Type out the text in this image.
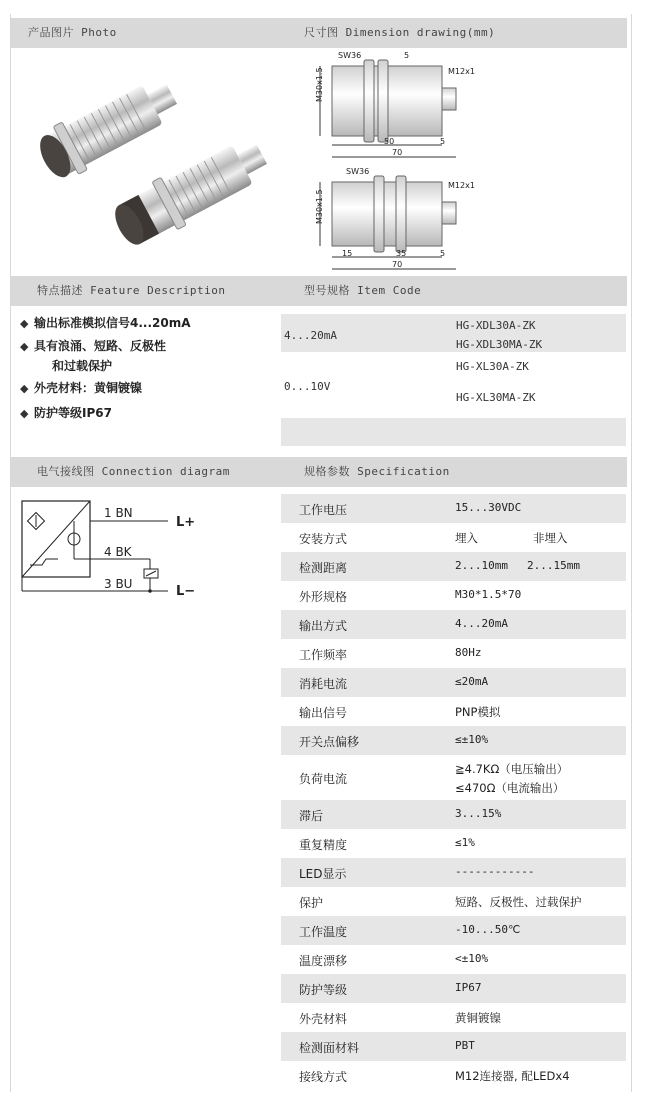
产品图片 Photo	尺寸图 Dimension drawing(mm)
M30x1.5
SW36	5
M12x1
50	5
70
M30x1.5
SW36
M12x1
15	35	5
70
特点描述 Feature Description	型号规格 Item Code
◆ 输出标准模拟信号4...20mA
◆ 具有浪涌、短路、反极性
和过载保护
◆ 外壳材料：黄铜镀镍
◆ 防护等级IP67
4...20mA
HG-XDL30A-ZK
HG-XDL30MA-ZK
0...10V
HG-XL30A-ZK
HG-XL30MA-ZK
电气接线图 Connection diagram	规格参数 Specification
1 BN
4 BK
3 BU
L+
L−
工作电压	15...30VDC
安装方式	埋入	非埋入
检测距离	2...10mm 2...15mm
外形规格	M30*1.5*70
输出方式	4...20mA
工作频率	80Hz
消耗电流	≤20mA
输出信号	PNP模拟
开关点偏移	≤±10%
负荷电流
≧4.7KΩ（电压输出）
≤470Ω（电流输出）
滞后	3...15%
重复精度	≤1%
LED显示	------------
保护	短路、反极性、过载保护
工作温度	-10...50℃
温度漂移	<±10%
防护等级	IP67
外壳材料	黄铜镀镍
检测面材料	PBT
接线方式	M12连接器, 配LEDx4
